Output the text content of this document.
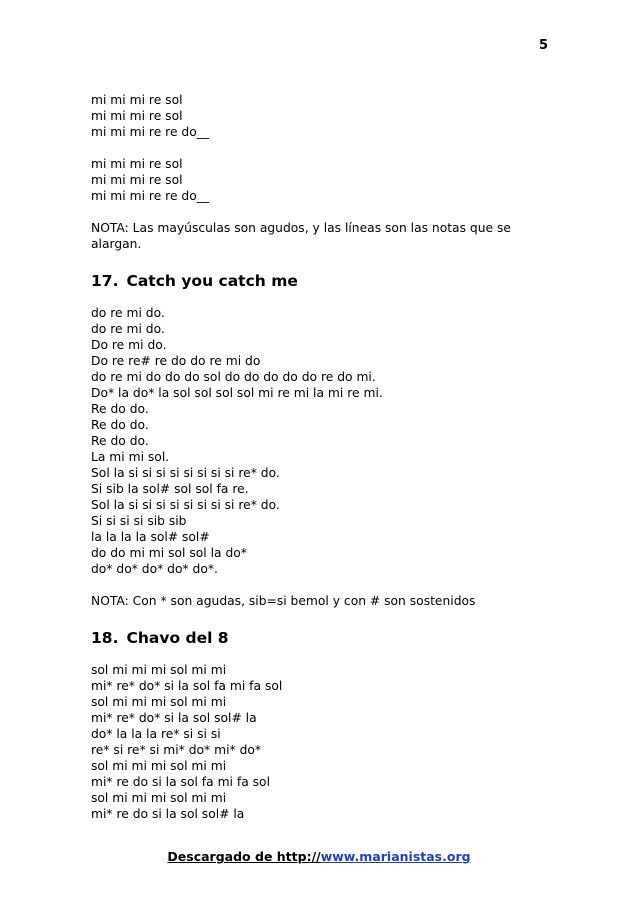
5
mi mi mi re sol
mi mi mi re sol
mi mi mi re re do__
mi mi mi re sol
mi mi mi re sol
mi mi mi re re do__
NOTA: Las mayúsculas son agudos, y las líneas son las notas que se alargan.
17. Catch you catch me
do re mi do.
do re mi do.
Do re mi do.
Do re re# re do do re mi do
do re mi do do do sol do do do do do re do mi.
Do* la do* la sol sol sol sol mi re mi la mi re mi.
Re do do.
Re do do.
Re do do.
La mi mi sol.
Sol la si si si si si si si si re* do.
Si sib la sol# sol sol fa re.
Sol la si si si si si si si si re* do.
Si si si si sib sib
la la la la sol# sol#
do do mi mi sol sol la do*
do* do* do* do* do*.
NOTA: Con * son agudas, sib=si bemol y con # son sostenidos
18. Chavo del 8
sol mi mi mi sol mi mi
mi* re* do* si la sol fa mi fa sol
sol mi mi mi sol mi mi
mi* re* do* si la sol sol# la
do* la la la re* si si si
re* si re* si mi* do* mi* do*
sol mi mi mi sol mi mi
mi* re do si la sol fa mi fa sol
sol mi mi mi sol mi mi
mi* re do si la sol sol# la
Descargado de http://www.marianistas.org
